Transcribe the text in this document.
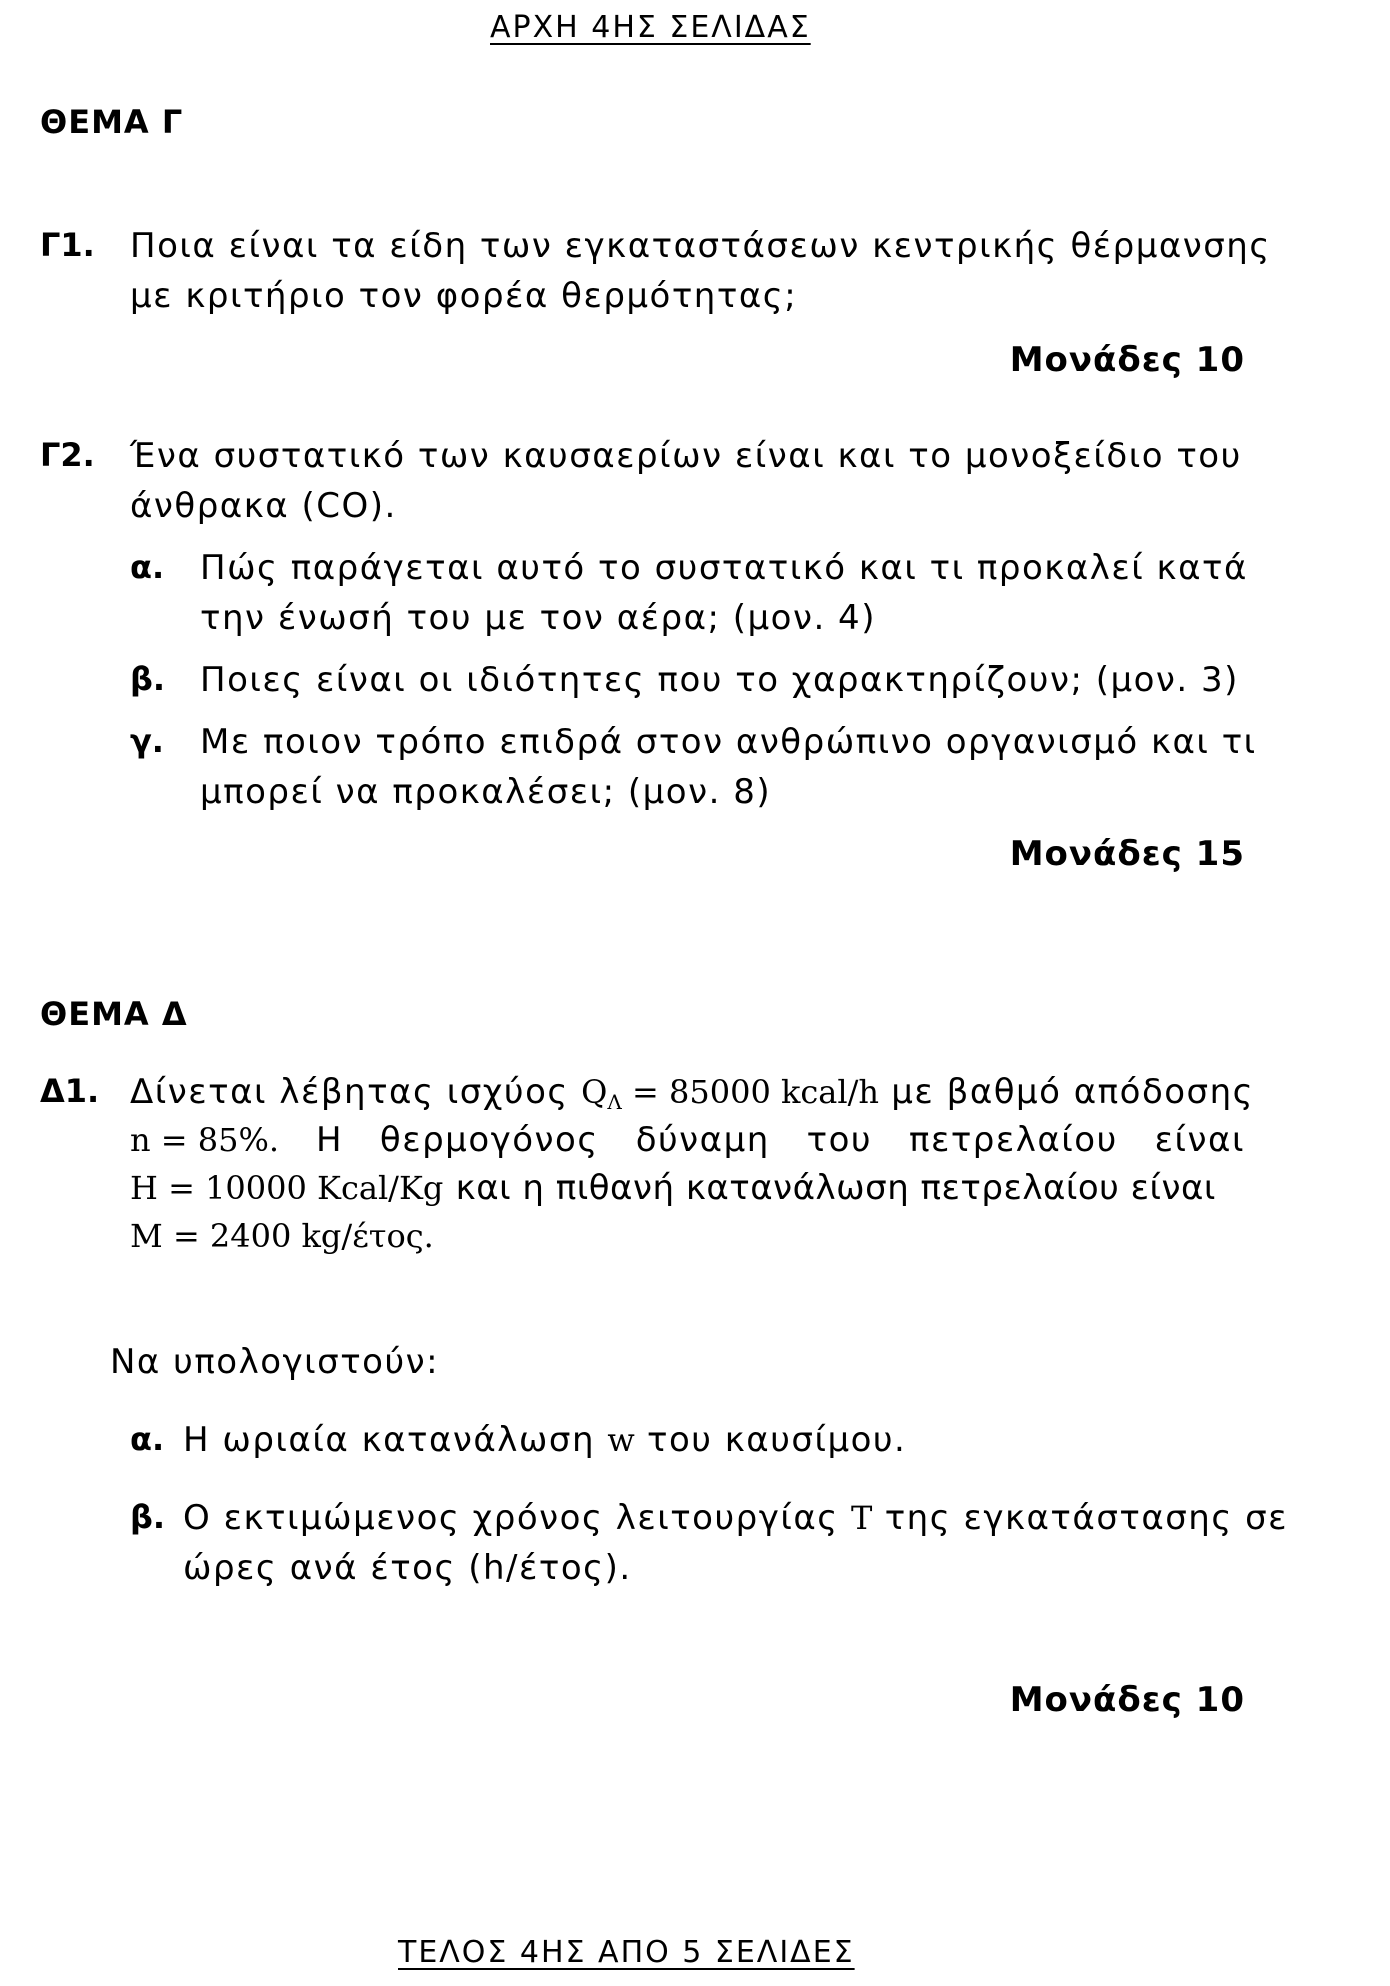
ΑΡΧΗ 4ΗΣ ΣΕΛΙΔΑΣ
ΘΕΜΑ Γ
Γ1. Ποια είναι τα είδη των εγκαταστάσεων κεντρικής θέρμανσης
με κριτήριο τον φορέα θερμότητας;
Μονάδες 10
Γ2. Ένα συστατικό των καυσαερίων είναι και το μονοξείδιο του
άνθρακα (CO).
α. Πώς παράγεται αυτό το συστατικό και τι προκαλεί κατά
την ένωσή του με τον αέρα; (μον. 4)
β. Ποιες είναι οι ιδιότητες που το χαρακτηρίζουν; (μον. 3)
γ. Με ποιον τρόπο επιδρά στον ανθρώπινο οργανισμό και τι
μπορεί να προκαλέσει; (μον. 8)
Μονάδες 15
ΘΕΜΑ Δ
Δ1. Δίνεται λέβητας ισχύος $Q_\Lambda = 85000$ kcal/h με βαθμό απόδοσης
n = 85%. Η θερμογόνος δύναμη του πετρελαίου είναι
H = 10000 Kcal/Kg και η πιθανή κατανάλωση πετρελαίου είναι
M = 2400 kg/έτος.
Να υπολογιστούν:
α. Η ωριαία κατανάλωση w του καυσίμου.
β. Ο εκτιμώμενος χρόνος λειτουργίας T της εγκατάστασης σε
ώρες ανά έτος (h/έτος).
Μονάδες 10
ΤΕΛΟΣ 4ΗΣ ΑΠΟ 5 ΣΕΛΙΔΕΣ
